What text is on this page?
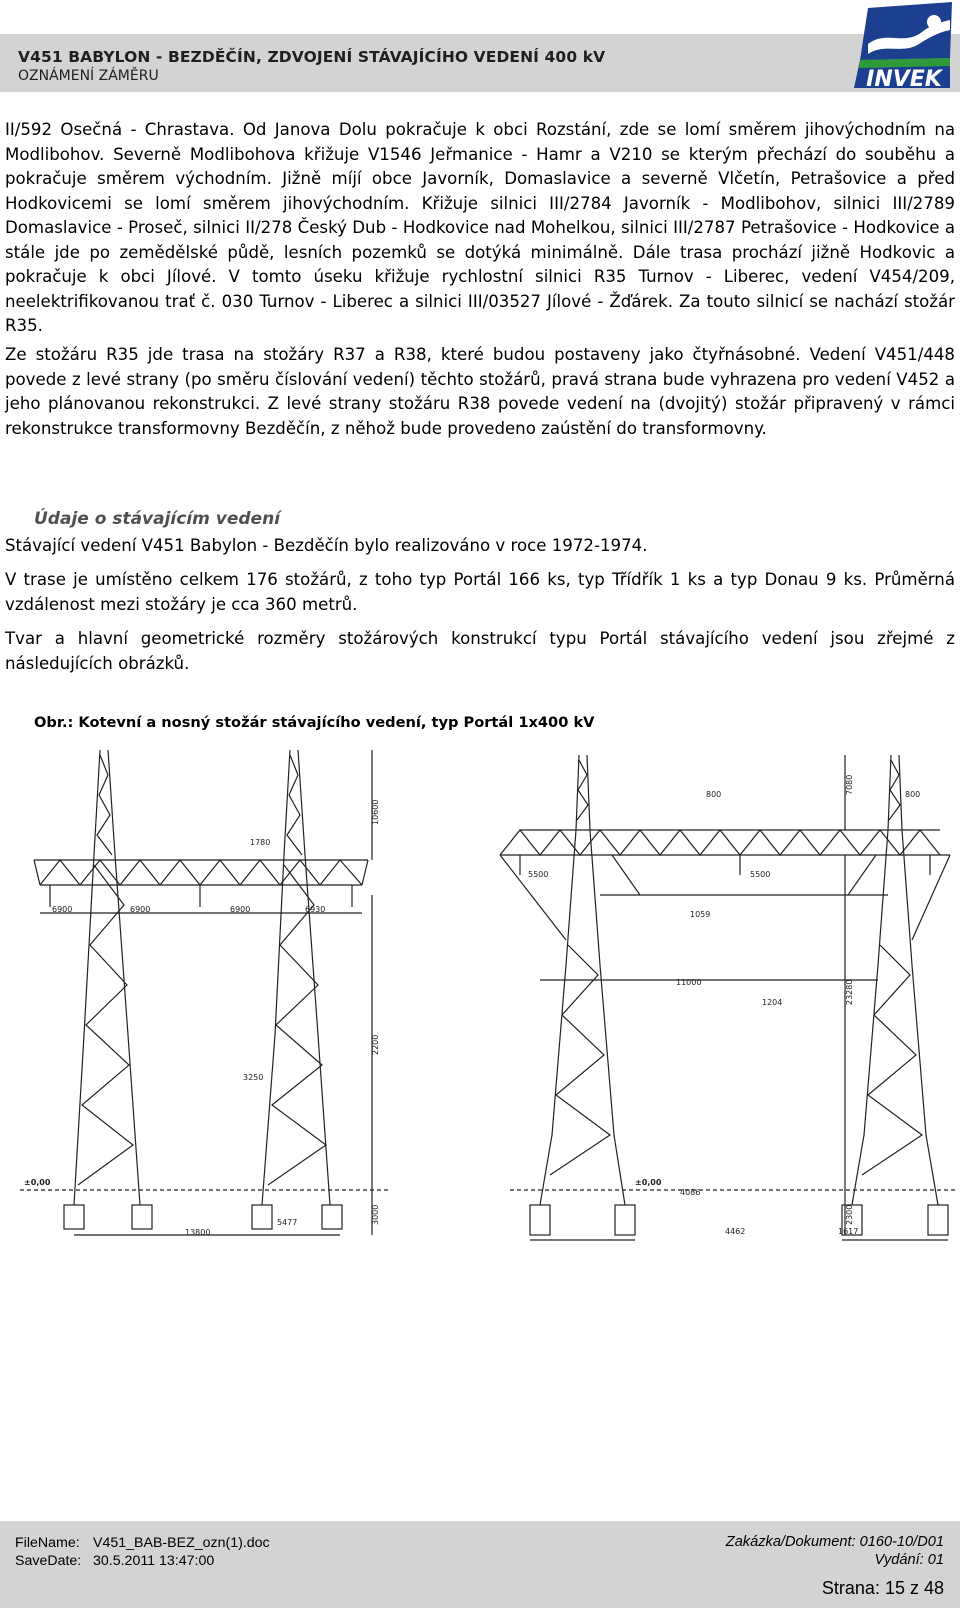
V451 BABYLON - BEZDĚČÍN, ZDVOJENÍ STÁVAJÍCÍHO VEDENÍ 400 kV
OZNÁMENÍ ZÁMĚRU	INVEK

II/592 Osečná - Chrastava. Od Janova Dolu pokračuje k obci Rozstání, zde se lomí směrem jihovýchodním na Modlibohov. Severně Modlibohova křižuje V1546 Jeřmanice - Hamr a V210 se kterým přechází do souběhu a pokračuje směrem východním. Jižně míjí obce Javorník, Domaslavice a severně Vlčetín, Petrašovice a před Hodkovicemi se lomí směrem jihovýchodním. Křižuje silnici III/2784 Javorník - Modlibohov, silnici III/2789 Domaslavice - Proseč, silnici II/278 Český Dub - Hodkovice nad Mohelkou, silnici III/2787 Petrašovice - Hodkovice a stále jde po zemědělské půdě, lesních pozemků se dotýká minimálně. Dále trasa prochází jižně Hodkovic a pokračuje k obci Jílové. V tomto úseku křižuje rychlostní silnici R35 Turnov - Liberec, vedení V454/209, neelektrifikovanou trať č. 030 Turnov - Liberec a silnici III/03527 Jílové - Žďárek. Za touto silnicí se nachází stožár R35.

Ze stožáru R35 jde trasa na stožáry R37 a R38, které budou postaveny jako čtyřnásobné. Vedení V451/448 povede z levé strany (po směru číslování vedení) těchto stožárů, pravá strana bude vyhrazena pro vedení V452 a jeho plánovanou rekonstrukci. Z levé strany stožáru R38 povede vedení na (dvojitý) stožár připravený v rámci rekonstrukce transformovny Bezděčín, z něhož bude provedeno zaústění do transformovny.

Údaje o stávajícím vedení

Stávající vedení V451 Babylon - Bezděčín bylo realizováno v roce 1972-1974.

V trase je umístěno celkem 176 stožárů, z toho typ Portál 166 ks, typ Třídřík 1 ks a typ Donau 9 ks. Průměrná vzdálenost mezi stožáry je cca 360 metrů.

Tvar a hlavní geometrické rozměry stožárových konstrukcí typu Portál stávajícího vedení jsou zřejmé z následujících obrázků.

Obr.: Kotevní a nosný stožár stávajícího vedení, typ Portál 1x400 kV
10600
1780
6900	6900	6900	6930
2200
3250
±0,00
3000
5477
13800
800	7080	800
5500	5500
1059
11000
1204	23280
±0,00
4086
2300
4462	1617
FileName: V451_BAB-BEZ_ozn(1).doc
SaveDate: 30.5.2011 13:47:00
Zakázka/Dokument: 0160-10/D01
Vydání: 01
Strana: 15 z 48
